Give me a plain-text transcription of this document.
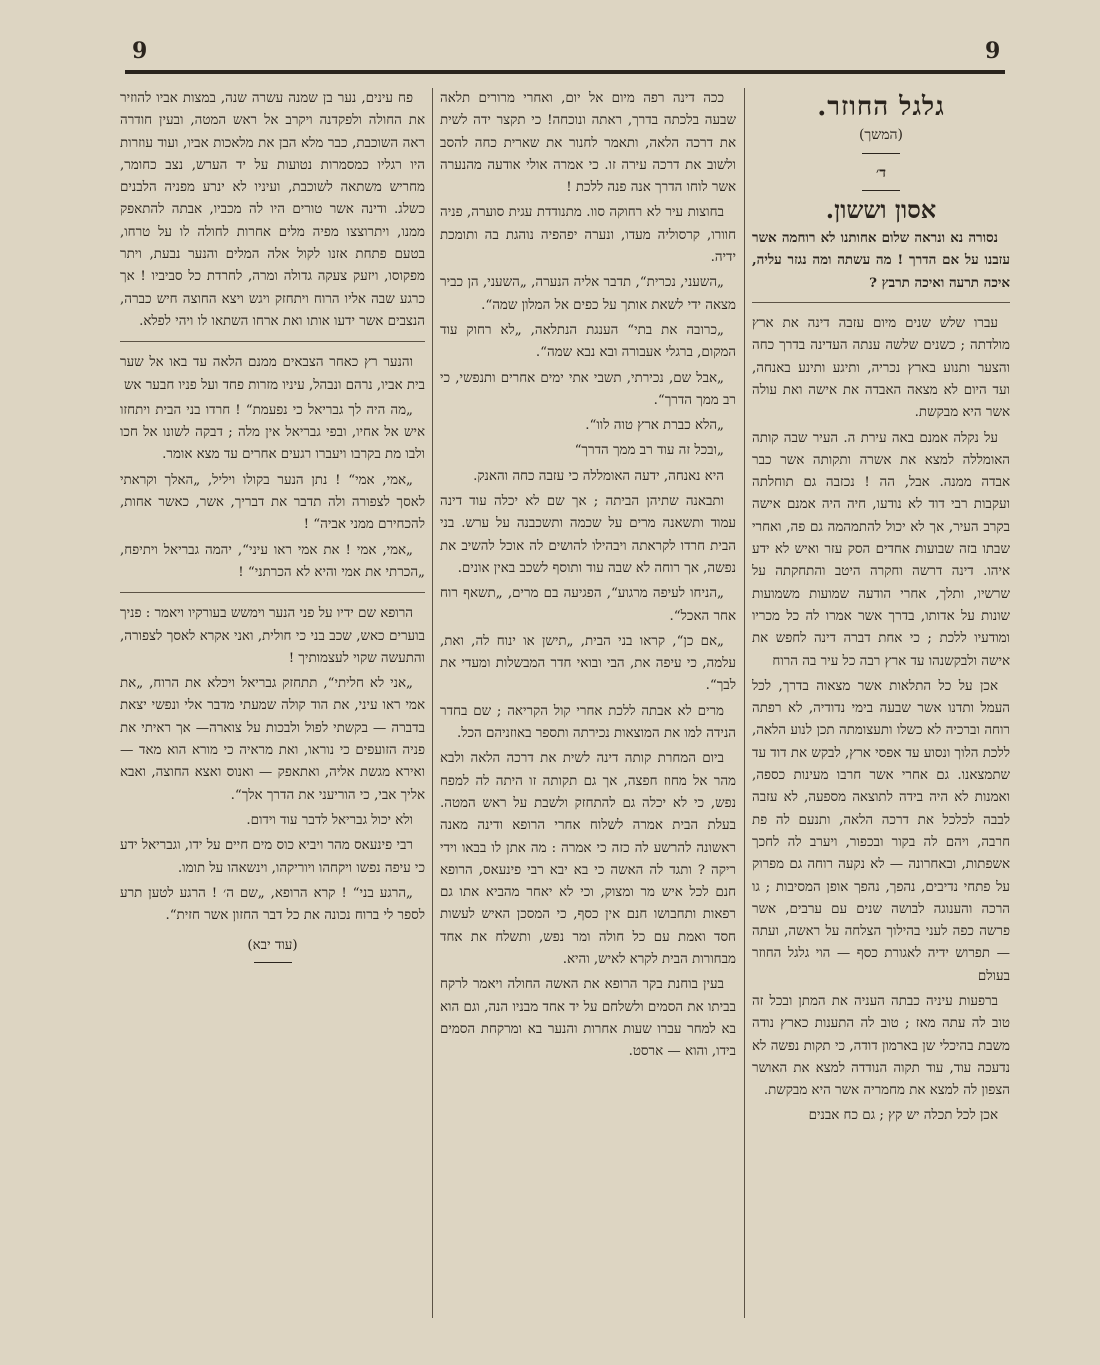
9	9
גלגל החוזר.
(המשך)
ד׳
אסון וששון.

נסורה נא ונראה שלום אחותנו לא רוחמה אשר עזבנו על אם הדרך ! מה עשתה ומה נגזר עליה, איכה תרעה ואיכה תרבץ ?

עברו שלש שנים מיום עזבה דינה את ארץ מולדתה ; כשנים שלשה ענתה העדינה בדרך כחה והצער ותנוע בארץ נכריה, ותיגע ותינע באנחה, ועד היום לא מצאה האבדה את אישה ואת עולה אשר היא מבקשת.

על נקלה אמנם באה עירת ה. העיר שבה קותה האומללה למצא את אשרה ותקותה אשר כבר אבדה ממנה. אבל, הה ! נכזבה גם תוחלתה ועקבות רבי דוד לא נודעו, חיה היה אמנם אישה בקרב העיר, אך לא יכול להתמהמה גם פה, ואחרי שבתו בזה שבועות אחדים הסק עזר ואיש לא ידע איהו. דינה דרשה וחקרה היטב והתחקתה על שרשיו, ותלך, אחרי הודעה שמועות משמועות שונות על אדותו, בדרך אשר אמרו לה כל מכריו ומודעיו ללכת ; כי אחת דברה דינה לחפש את אישה ולבקשנהו עד ארץ רבה כל עיר בה הרוח

אכן על כל התלאות אשר מצאוה בדרך, לכל העמל ותדנו אשר שבעה בימי נדודיה, לא רפתה רוחה וברכיה לא כשלו ותעצומתה תכן לנוע הלאה, ללכת הלוך ונסוע עד אפסי ארץ, לבקש את דוד עד שתמצאנו. גם אחרי אשר חרבו מעינות כספה, ואמנות לא היה בידה לתוצאה מספעה, לא עזבה לבבה לכלכל את דרכה הלאה, ותנעם לה פת חרבה, ויהם לה בקור ובכפור, ויערב לה לחכך אשפתות, ובאחרונה — לא נקעה רוחה גם מפרוק על פתחי נדיבים, נהפך, נהפך אופן המסיבות ; גו הרכה והענוגה לבושה שנים עם ערבים, אשר פרשה כפה לעני בהילוך הצלחה על ראשה, ועתה — תפרוש ידיה לאגורת כסף — הוי גלגל החוזר בעולם

ברפעות עיניה כבתה העניה את המתן ובכל זה טוב לה עתה מאז ; טוב לה התענות כארץ נודה משבת בהיכלי שן בארמון דודה, כי תקות נפשה לא נדעכה עוד, עוד תקוה הנודדה למצא את האושר הצפון לה למצא את מחמריה אשר היא מבקשת.

אכן לכל תכלה יש קץ ; גם כח אבנים

ככה דינה רפה מיום אל יום, ואחרי מרורים תלאה שבעה בלכתה בדרך, ראתה ונוכחה! כי תקצר ידה לשית את דרכה הלאה, ותאמר לחנור את שארית כחה להסב ולשוב את דרכה עירה זו. כי אמרה אולי אודעה מהנערה אשר לוחו הדרך אנה פנה ללכת !

בחוצות עיר לא רחוקה סוו. מתנודדת עגית סוערה, פניה חוורו, קרסוליה מעדו, ונערה יפהפיה נוהגת בה ותומכת ידיה.

„השעני, נכרית“, תדבר אליה הנערה, „השעני, הן כביר מצאה ידי לשאת אותך על כפים אל המלון שמה“.

„כרובה את בתי“ הענגת הנתלאה, „לא רחוק עוד המקום, ברגלי אעבורה ובא נבא שמה“.

„אבל שם, נכירתי, תשבי אתי ימים אחרים ותנפשי, כי רב ממך הדרך“.

„הלא כברת ארץ טוה לוו“.

„ובכל זה עוד רב ממך הדרך“

היא נאנחה, ידעה האומללה כי עזבה כחה והאנק.

ותבאנה שתיהן הביתה ; אך שם לא יכלה עוד דינה עמוד ותשאנה מרים על שכמה ותשכבנה על ערש. בני הבית חרדו לקראתה ויבהילו להושים לה אוכל להשיב את נפשה, אך רוחה לא שבה עוד ותוסף לשכב באין אונים.

„הניחו לעיפה מרגוע“, הפגיעה בם מרים, „תשאף רוח אחר האכל“.

„אם כן“, קראו בני הבית, „תישן או ינוח לה, ואת, עלמה, כי עיפה את, הבי ובואי חדר המבשלות ומעדי את לבך“.

מרים לא אבתה ללכת אחרי קול הקריאה ; שם בחדר הנידה למו את המוצאות נכירתה ותספר באוזניהם הכל.

ביום המחרת קותה דינה לשית את דרכה הלאה ולבא מהר אל מחוז חפצה, אך גם תקותה זו היתה לה למפח נפש, כי לא יכלה גם להתחזק ולשבת על ראש המטה. בעלת הבית אמרה לשלוח אחרי הרופא ודינה מאנה ראשונה להרשע לה כזה כי אמרה : מה אתן לו בבאו וידי ריקה ? ותגד לה האשה כי בא יבא רבי פינעאס, הרופא חנם לכל איש מר ומצוק, וכי לא יאחר מהביא אתו גם רפאות ותחבושו חנם אין כסף, כי המסכן האיש לעשות חסד ואמת עם כל חולה ומר נפש, ותשלח את אחד מבחורות הבית לקרא לאיש, והיא.

בעין בוחנת בקר הרופא את האשה החולה ויאמר לרקח בביתו את הסמים ולשלחם על יד אחד מבניו הנה, וגם הוא בא למחר עברו שעות אחרות והנער בא ומרקחת הסמים בידו, והוא — ארסט.

פח עינים, נער בן שמנה עשרה שנה, במצות אביו להוזיר את החולה ולפקדנה ויקרב אל ראש המטה, ובעין חודרה ראה השוכבת, כבר מלא הבן את מלאכות אביו, ועוד עוזרות היו רגליו כמסמרות נטועות על יד הערש, נצב כחומר, מחריש משתאה לשוכבת, ועיניו לא ינרע מפניה הלבנים כשלג. ודינה אשר טורים היו לה מכביו, אבתה להתאפק ממנו, ויתרוצצו מפיה מלים אחרות לחולה לו על טרחו, בטעם פתחת אזנו לקול אלה המלים והנער נבעת, ויתר מפקוסו, ויזעק צעקה גדולה ומרה, לחרדת כל סביביו ! אך כרגע שבה אליו הרוח ויתחזק ויגש ויצא החוצה חיש כברה, הנצבים אשר ידעו אותו ואת ארחו השתאו לו ויהי לפלא.

והנער רץ כאחר הצבאים ממנם הלאה עד באו אל שער בית אביו, נרהם ונבהל, עיניו מזרות פחד ועל פניו חבער אש

„מה היה לך גבריאל כי נפעמת“ ! חרדו בני הבית ויתחזו איש אל אחיו, ובפי גבריאל אין מלה ; דבקה לשונו אל חכו ולבו מת בקרבו ויעברו רגעים אחרים עד מצא אומר.

„אמי, אמי“ ! נתן הנער בקולו ויליל, „האלך וקראתי לאסך לצפורה ולה תדבר את דבריך, אשר, כאשר אחות, להכחירם ממני אביה“ !

„אמי, אמי ! את אמי ראו עיני“, יהמה גבריאל ויתיפח, „הכרתי את אמי והיא לא הכרתני“ !

הרופא שם ידיו על פני הנער וימשש בעורקיו ויאמר : פניך בוערים כאש, שכב בני כי חולית, ואני אקרא לאסך לצפורה, והתעשה שקוי לעצמותיך !

„אני לא חליתי“, תתחזק גבריאל ויכלא את הרוח, „את אמי ראו עיני, את הוד קולה שמעתי מדבר אלי ונפשי יצאת בדברה — בקשתי לפול ולבכות על צוארה— אך ראיתי את פניה הזועפים כי נוראו, ואת מראיה כי מורא הוא מאד — ואירא מגשת אליה, ואתאפק — ואנוס ואצא החוצה, ואבא אליך אבי, כי הוריעני את הדרך אלך“.

ולא יכול גבריאל לדבר עוד וידום.

רבי פינעאס מהר ויביא כוס מים חיים על ידו, וגבריאל ידע כי עיפה נפשו ויקחהו ויוריקהו, וינשאהו על תומו.

„הרגע בני“ ! קרא הרופא, „שם ה׳ ! הרגע לטען תרע לספר לי ברוח נכונה את כל דבר החזון אשר חזית“.

(עוד יבא)
